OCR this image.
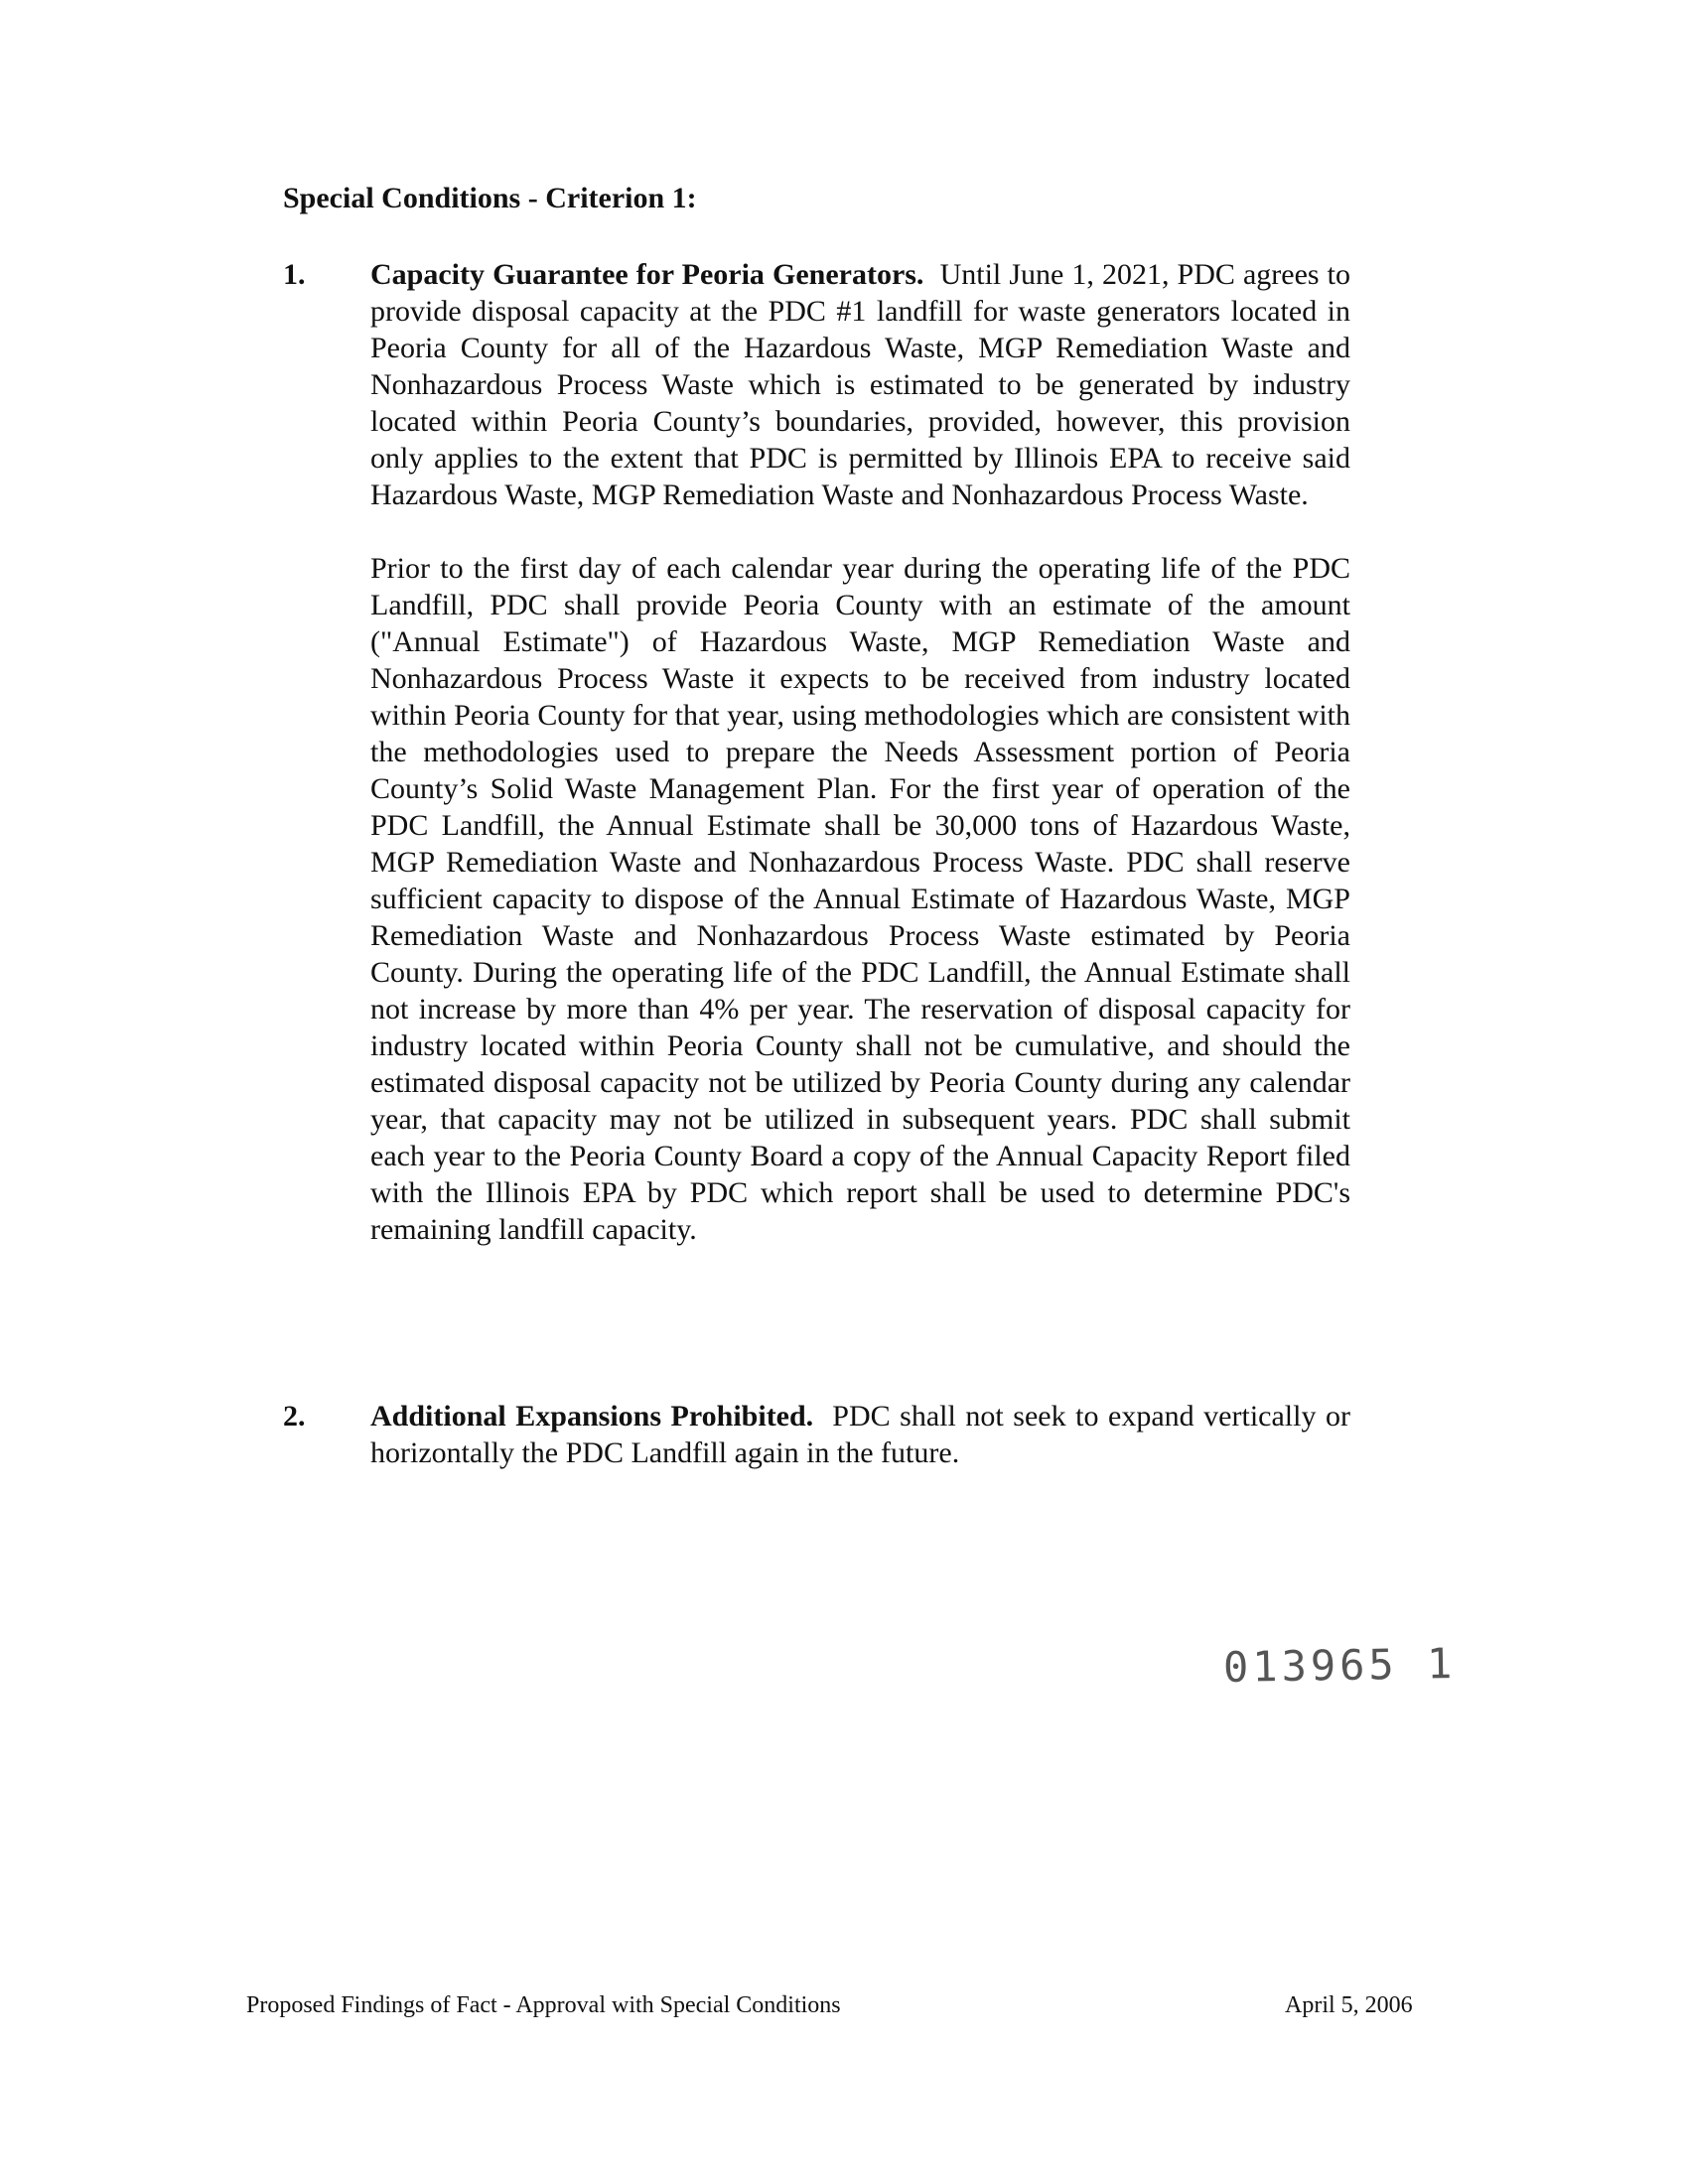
Special Conditions - Criterion 1:
1. Capacity Guarantee for Peoria Generators. Until June 1, 2021, PDC agrees to provide disposal capacity at the PDC #1 landfill for waste generators located in Peoria County for all of the Hazardous Waste, MGP Remediation Waste and Nonhazardous Process Waste which is estimated to be generated by industry located within Peoria County’s boundaries, provided, however, this provision only applies to the extent that PDC is permitted by Illinois EPA to receive said Hazardous Waste, MGP Remediation Waste and Nonhazardous Process Waste.

Prior to the first day of each calendar year during the operating life of the PDC Landfill, PDC shall provide Peoria County with an estimate of the amount ("Annual Estimate") of Hazardous Waste, MGP Remediation Waste and Nonhazardous Process Waste it expects to be received from industry located within Peoria County for that year, using methodologies which are consistent with the methodologies used to prepare the Needs Assessment portion of Peoria County’s Solid Waste Management Plan. For the first year of operation of the PDC Landfill, the Annual Estimate shall be 30,000 tons of Hazardous Waste, MGP Remediation Waste and Nonhazardous Process Waste. PDC shall reserve sufficient capacity to dispose of the Annual Estimate of Hazardous Waste, MGP Remediation Waste and Nonhazardous Process Waste estimated by Peoria County. During the operating life of the PDC Landfill, the Annual Estimate shall not increase by more than 4% per year. The reservation of disposal capacity for industry located within Peoria County shall not be cumulative, and should the estimated disposal capacity not be utilized by Peoria County during any calendar year, that capacity may not be utilized in subsequent years. PDC shall submit each year to the Peoria County Board a copy of the Annual Capacity Report filed with the Illinois EPA by PDC which report shall be used to determine PDC's remaining landfill capacity.

2. Additional Expansions Prohibited. PDC shall not seek to expand vertically or horizontally the PDC Landfill again in the future.

013965 1
Proposed Findings of Fact - Approval with Special Conditions	April 5, 2006
